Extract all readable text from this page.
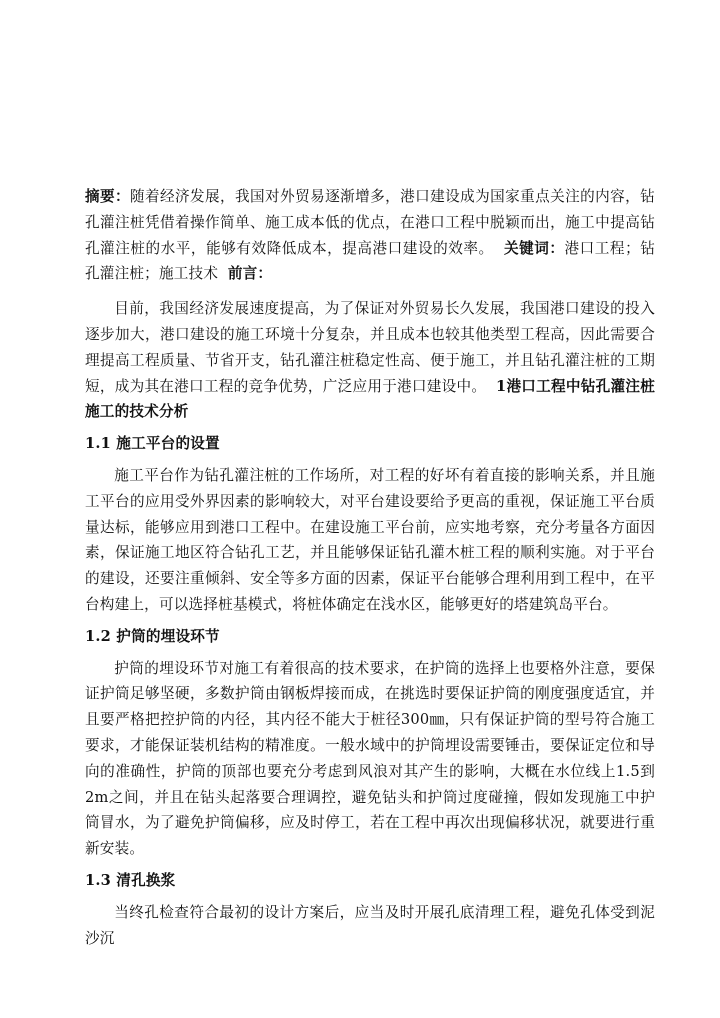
摘要：随着经济发展，我国对外贸易逐渐增多，港口建设成为国家重点关注的内容，钻孔灌注桩凭借着操作简单、施工成本低的优点，在港口工程中脱颖而出，施工中提高钻孔灌注桩的水平，能够有效降低成本，提高港口建设的效率。 关键词：港口工程；钻孔灌注桩；施工技术 前言：

目前，我国经济发展速度提高，为了保证对外贸易长久发展，我国港口建设的投入逐步加大，港口建设的施工环境十分复杂，并且成本也较其他类型工程高，因此需要合理提高工程质量、节省开支，钻孔灌注桩稳定性高、便于施工，并且钻孔灌注桩的工期短，成为其在港口工程的竞争优势，广泛应用于港口建设中。 1港口工程中钻孔灌注桩施工的技术分析

1.1 施工平台的设置

施工平台作为钻孔灌注桩的工作场所，对工程的好坏有着直接的影响关系，并且施工平台的应用受外界因素的影响较大，对平台建设要给予更高的重视，保证施工平台质量达标，能够应用到港口工程中。在建设施工平台前，应实地考察，充分考量各方面因素，保证施工地区符合钻孔工艺，并且能够保证钻孔灌木桩工程的顺利实施。对于平台的建设，还要注重倾斜、安全等多方面的因素，保证平台能够合理利用到工程中，在平台构建上，可以选择桩基模式，将桩体确定在浅水区，能够更好的塔建筑岛平台。

1.2 护筒的埋设环节

护筒的埋设环节对施工有着很高的技术要求，在护筒的选择上也要格外注意，要保证护筒足够坚硬，多数护筒由钢板焊接而成，在挑选时要保证护筒的刚度强度适宜，并且要严格把控护筒的内径，其内径不能大于桩径300㎜，只有保证护筒的型号符合施工要求，才能保证装机结构的精准度。一般水域中的护筒埋设需要锤击，要保证定位和导向的准确性，护筒的顶部也要充分考虑到风浪对其产生的影响，大概在水位线上1.5到2m之间，并且在钻头起落要合理调控，避免钻头和护筒过度碰撞，假如发现施工中护筒冒水，为了避免护筒偏移，应及时停工，若在工程中再次出现偏移状况，就要进行重新安装。

1.3 清孔换浆

当终孔检查符合最初的设计方案后，应当及时开展孔底清理工程，避免孔体受到泥沙沉
